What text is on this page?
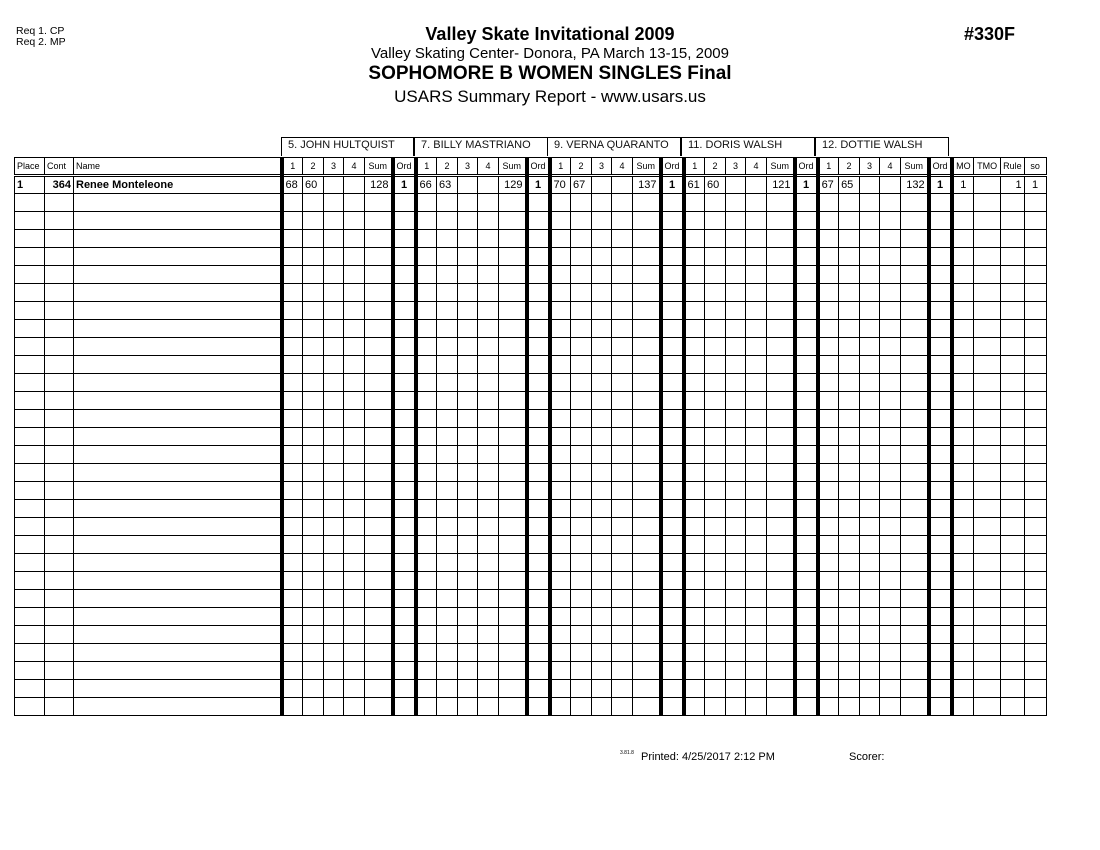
Req 1. CP
Req 2. MP	#330F
Valley Skate Invitational 2009
Valley Skating Center- Donora, PA March 13-15, 2009
SOPHOMORE B WOMEN SINGLES Final
USARS Summary Report - www.usars.us
5. JOHN HULTQUIST	7. BILLY MASTRIANO	9. VERNA QUARANTO	11. DORIS WALSH	12. DOTTIE WALSH
Place	Cont	Name	1	2	3	4	Sum	Ord	1	2	3	4	Sum	Ord	1	2	3	4	Sum	Ord	1	2	3	4	Sum	Ord	1	2	3	4	Sum	Ord	MO	TMO	Rule	so
1	364	Renee Monteleone	68	60			128	1	66	63			129	1	70	67			137	1	61	60			121	1	67	65			132	1	1		1	1

3.81.8 Printed: 4/25/2017 2:12 PM	Scorer:
